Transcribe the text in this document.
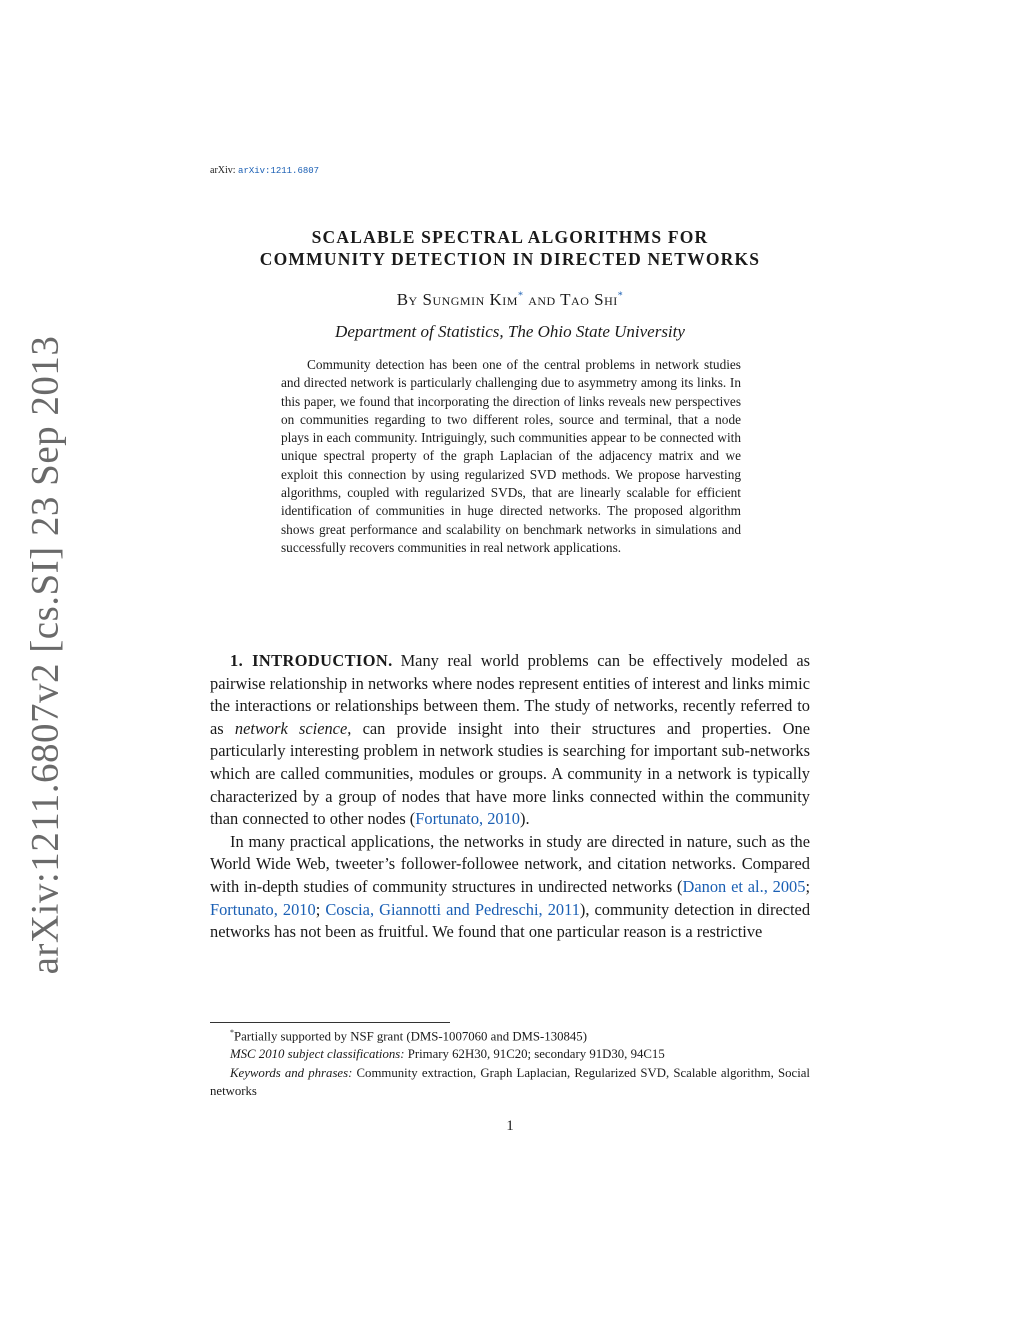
arXiv:1211.6807v2 [cs.SI] 23 Sep 2013
arXiv: arXiv:1211.6807
SCALABLE SPECTRAL ALGORITHMS FOR
COMMUNITY DETECTION IN DIRECTED NETWORKS
By Sungmin Kim* and Tao Shi*
Department of Statistics, The Ohio State University

Community detection has been one of the central problems in network studies and directed network is particularly challenging due to asymmetry among its links. In this paper, we found that incorporating the direction of links reveals new perspectives on communities regarding to two different roles, source and terminal, that a node plays in each community. Intriguingly, such communities appear to be connected with unique spectral property of the graph Laplacian of the adjacency matrix and we exploit this connection by using regularized SVD methods. We propose harvesting algorithms, coupled with regularized SVDs, that are linearly scalable for efficient identification of communities in huge directed networks. The proposed algorithm shows great performance and scalability on benchmark networks in simulations and successfully recovers communities in real network applications.

1. INTRODUCTION. Many real world problems can be effectively modeled as pairwise relationship in networks where nodes represent entities of interest and links mimic the interactions or relationships between them. The study of networks, recently referred to as network science, can provide insight into their structures and properties. One particularly interesting problem in network studies is searching for important sub-networks which are called communities, modules or groups. A community in a network is typically characterized by a group of nodes that have more links connected within the community than connected to other nodes (Fortunato, 2010).

In many practical applications, the networks in study are directed in nature, such as the World Wide Web, tweeter’s follower-followee network, and citation networks. Compared with in-depth studies of community structures in undirected networks (Danon et al., 2005; Fortunato, 2010; Coscia, Giannotti and Pedreschi, 2011), community detection in directed networks has not been as fruitful. We found that one particular reason is a restrictive

*Partially supported by NSF grant (DMS-1007060 and DMS-130845)

MSC 2010 subject classifications: Primary 62H30, 91C20; secondary 91D30, 94C15

Keywords and phrases: Community extraction, Graph Laplacian, Regularized SVD, Scalable algorithm, Social networks

1
